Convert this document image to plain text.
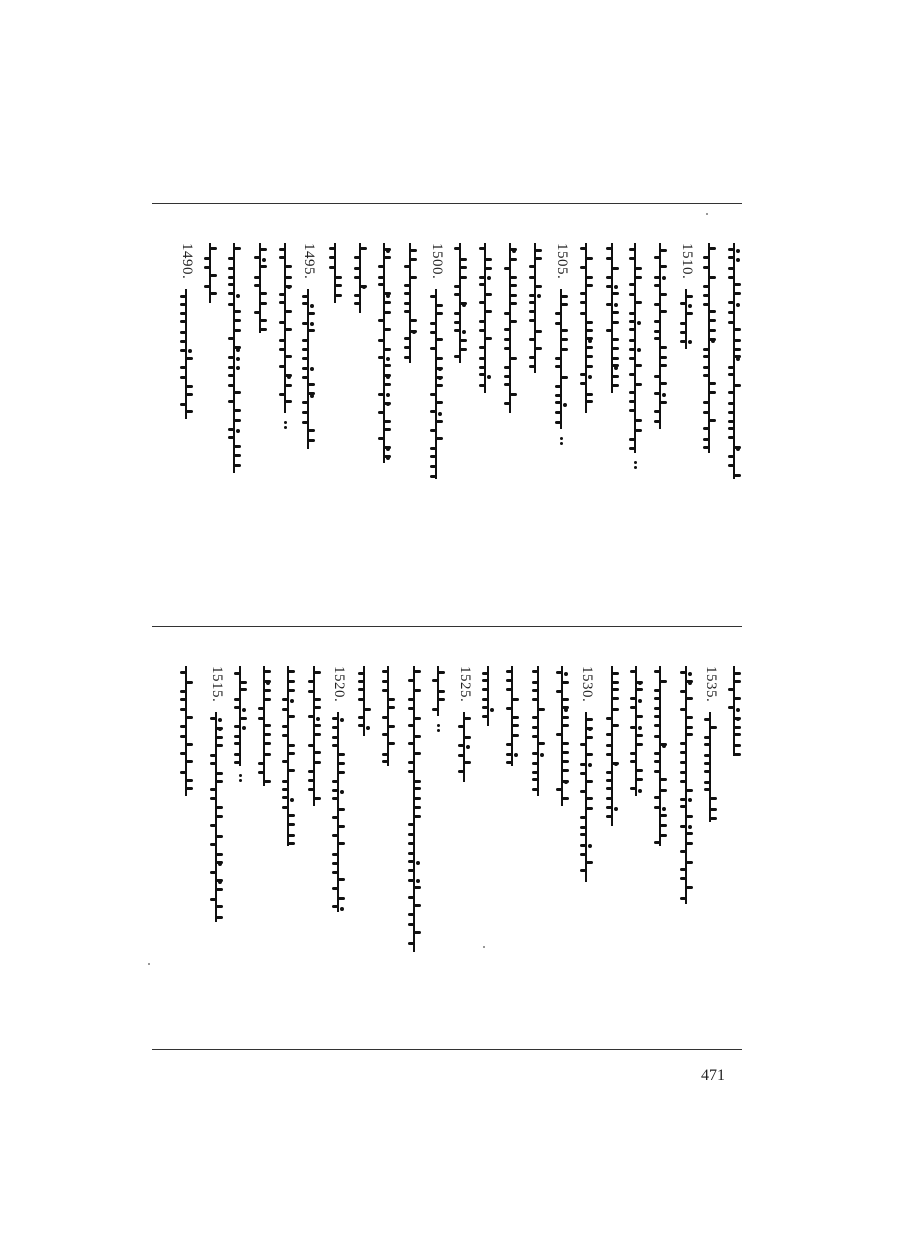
1510.
1505.
1500.
1495.
1490.
1535.
1530.
1525.
1520.
1515.
471
